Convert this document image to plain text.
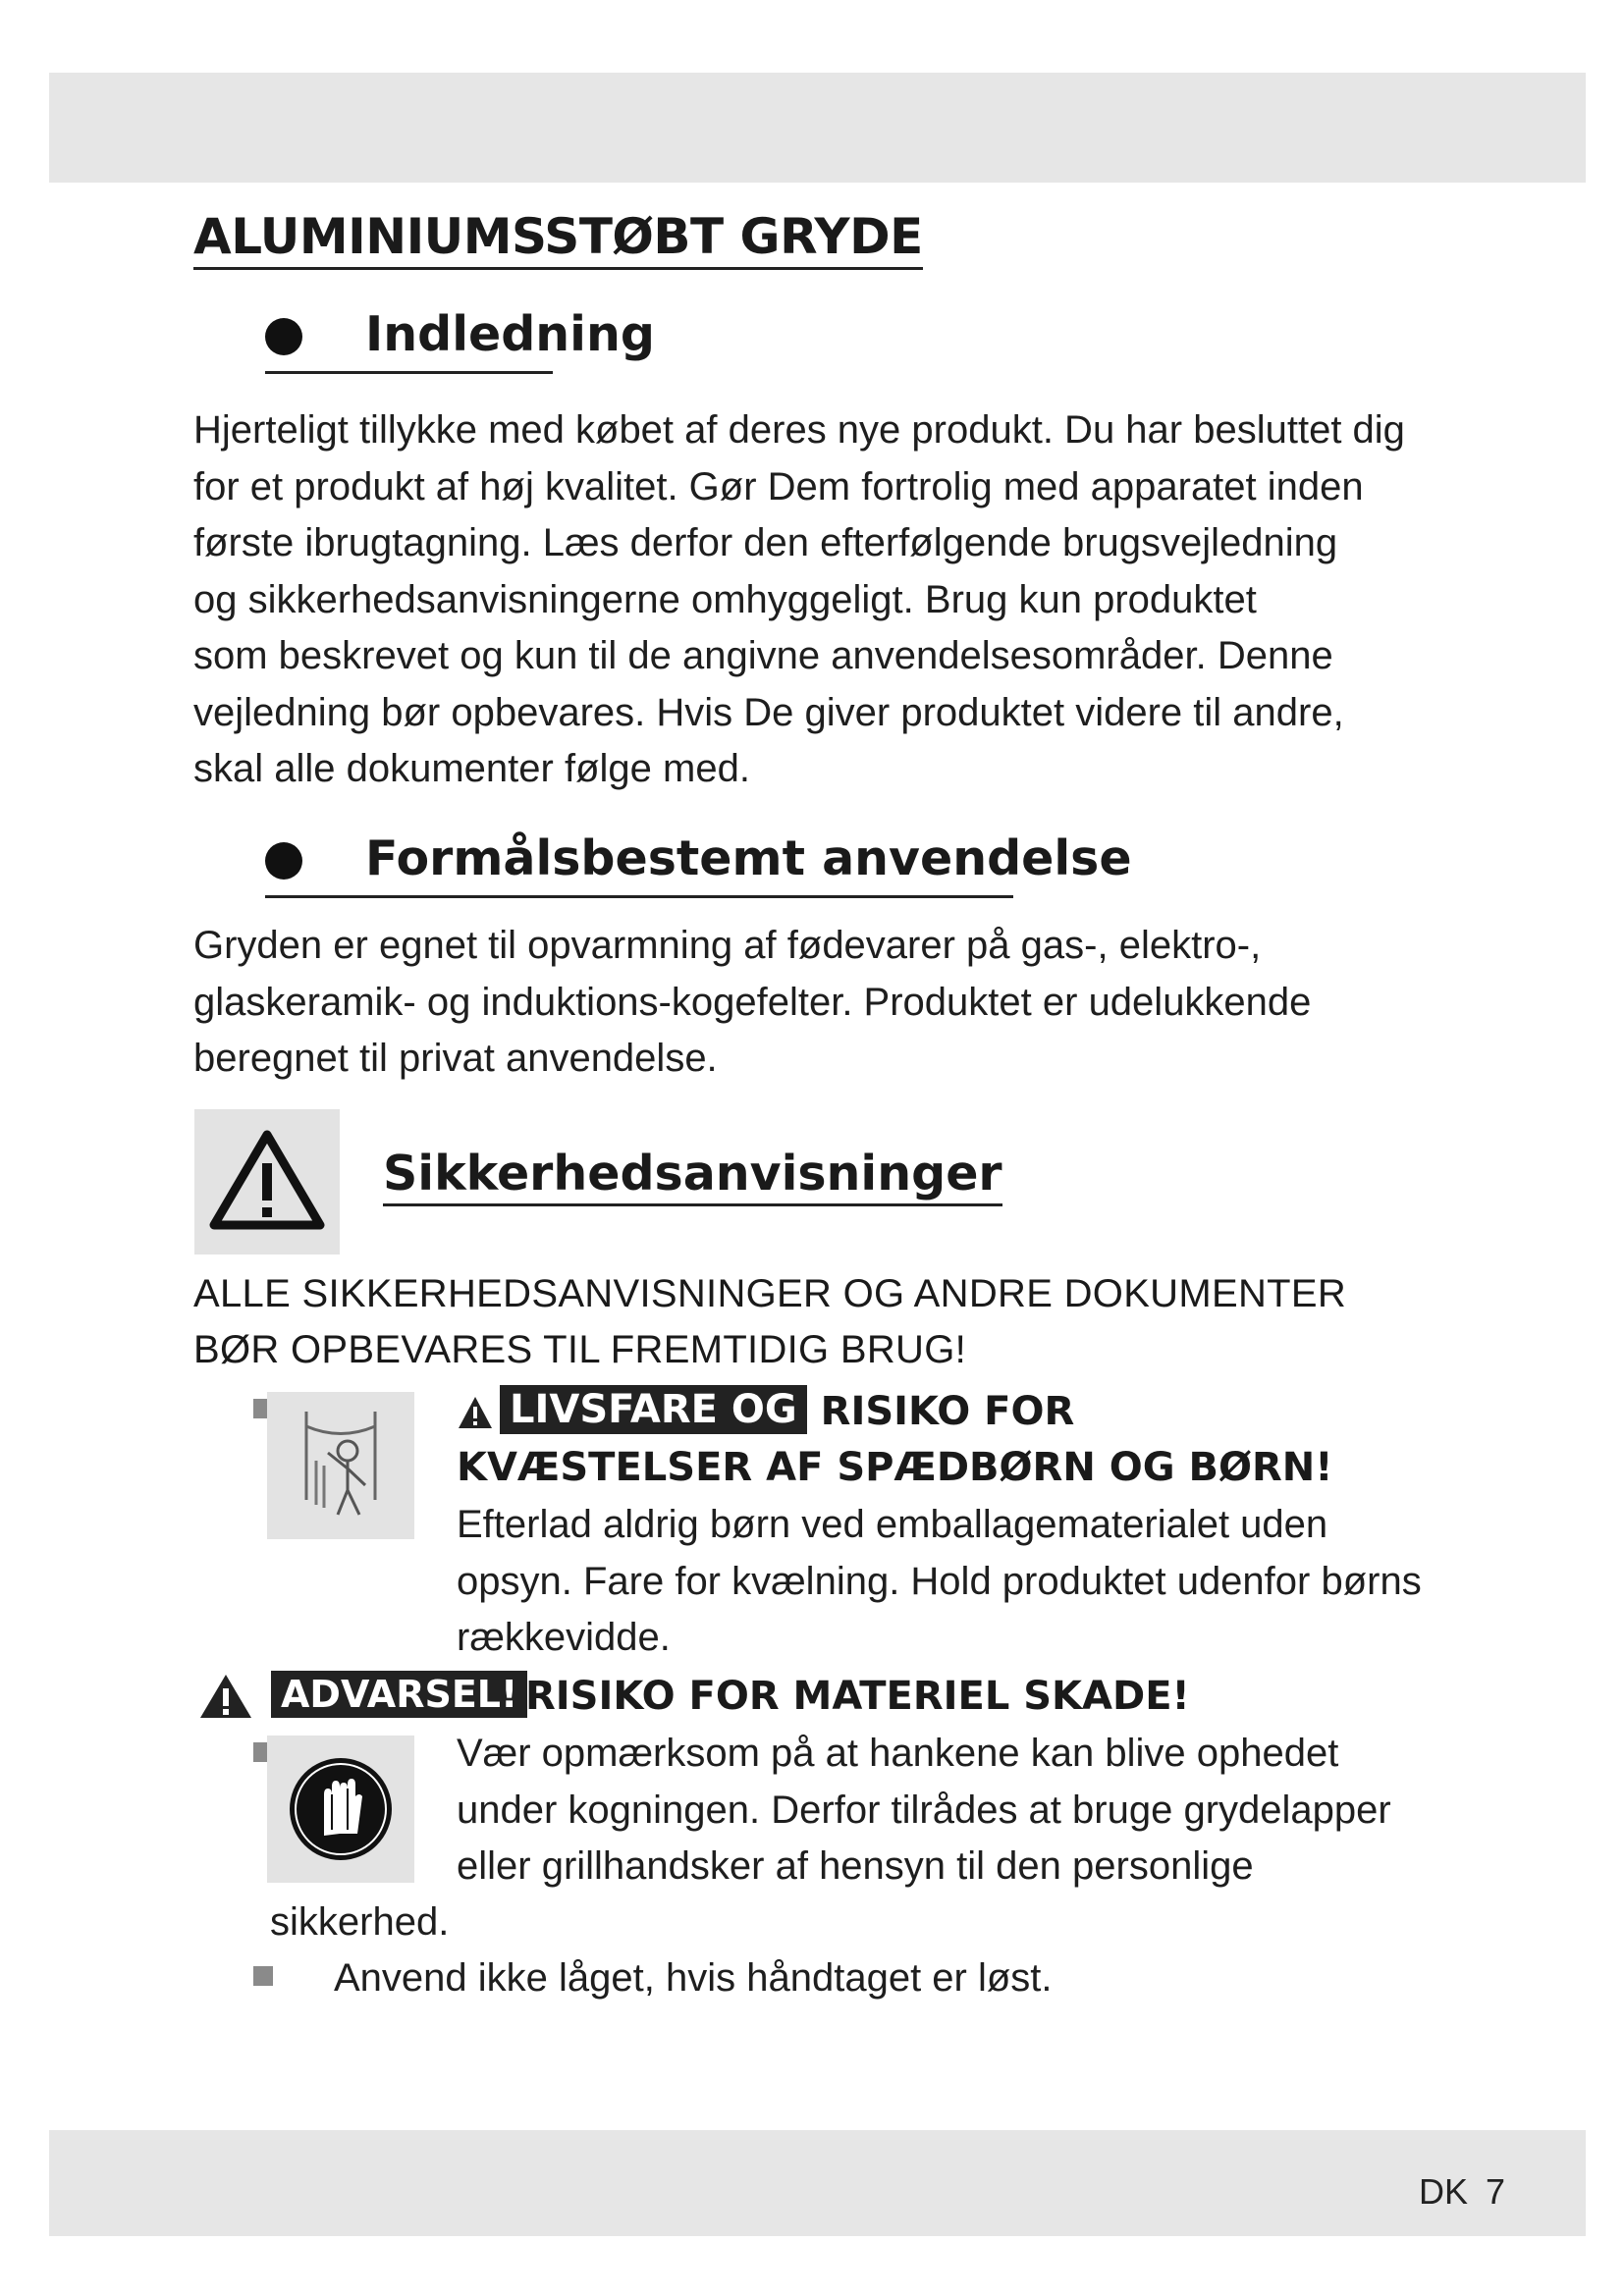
ALUMINIUMSSTØBT GRYDE
Indledning
Hjerteligt tillykke med købet af deres nye produkt. Du har besluttet dig
for et produkt af høj kvalitet. Gør Dem fortrolig med apparatet inden
første ibrugtagning. Læs derfor den efterfølgende brugsvejledning
og sikkerhedsanvisningerne omhyggeligt. Brug kun produktet
som beskrevet og kun til de angivne anvendelsesområder. Denne
vejledning bør opbevares. Hvis De giver produktet videre til andre,
skal alle dokumenter følge med.
Formålsbestemt anvendelse
Gryden er egnet til opvarmning af fødevarer på gas-, elektro-,
glaskeramik- og induktions-kogefelter. Produktet er udelukkende
beregnet til privat anvendelse.
Sikkerhedsanvisninger
ALLE SIKKERHEDSANVISNINGER OG ANDRE DOKUMENTER
BØR OPBEVARES TIL FREMTIDIG BRUG!
LIVSFARE OG RISIKO FOR
KVÆSTELSER AF SPÆDBØRN OG BØRN!
Efterlad aldrig børn ved emballagematerialet uden
opsyn. Fare for kvælning. Hold produktet udenfor børns
rækkevidde.
ADVARSEL! RISIKO FOR MATERIEL SKADE!
Vær opmærksom på at hankene kan blive ophedet
under kogningen. Derfor tilrådes at bruge grydelapper
eller grillhandsker af hensyn til den personlige
sikkerhed.
Anvend ikke låget, hvis håndtaget er løst.
DK 7
